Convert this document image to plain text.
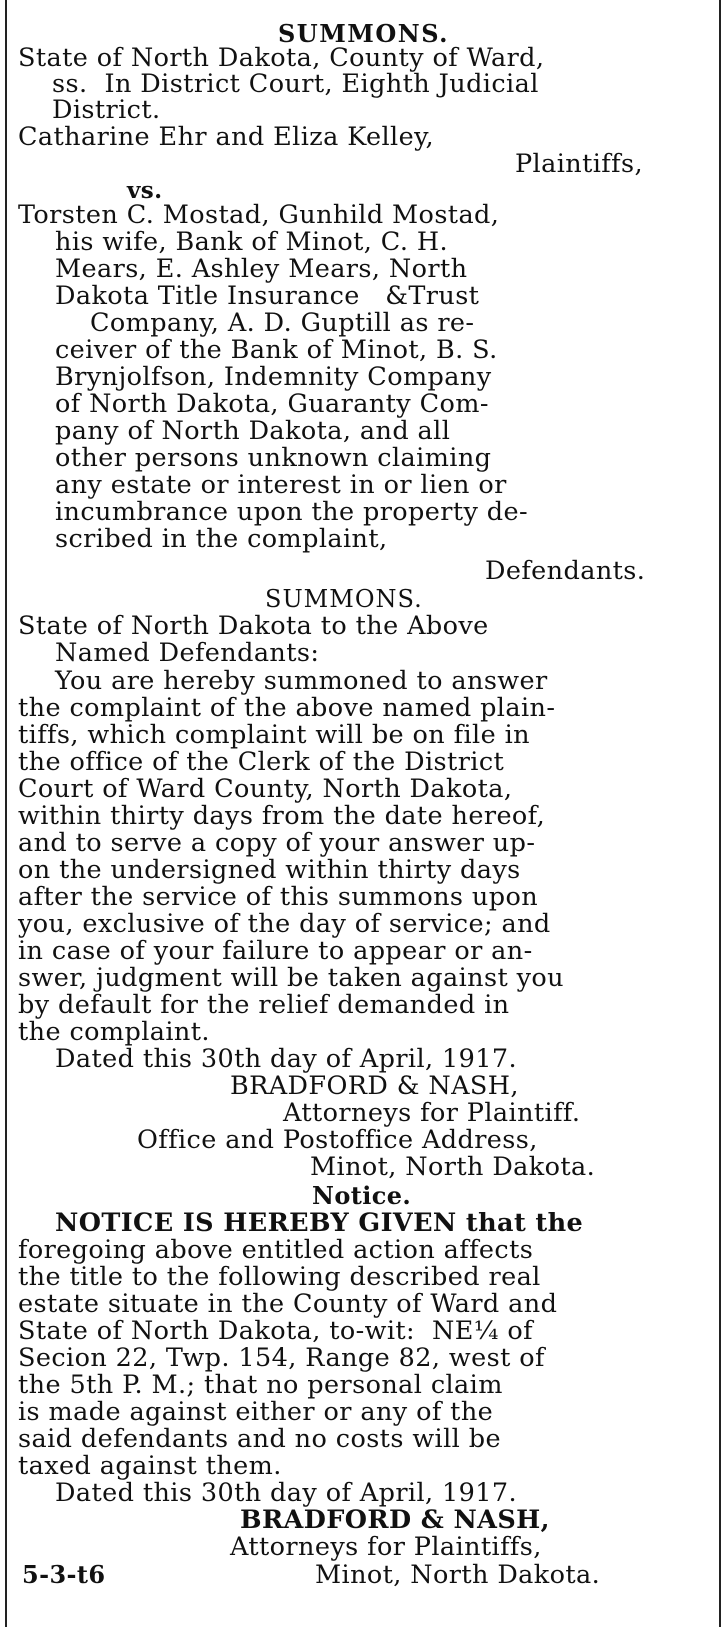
SUMMONS.
State of North Dakota, County of Ward,
ss.  In District Court, Eighth Judicial
District.
Catharine Ehr and Eliza Kelley,
Plaintiffs,
vs.
Torsten C. Mostad, Gunhild Mostad,
his wife, Bank of Minot, C. H.
Mears, E. Ashley Mears, North
Dakota Title Insurance   &Trust
Company, A. D. Guptill as re-
ceiver of the Bank of Minot, B. S.
Brynjolfson, Indemnity Company
of North Dakota, Guaranty Com-
pany of North Dakota, and all
other persons unknown claiming
any estate or interest in or lien or
incumbrance upon the property de-
scribed in the complaint,
Defendants.
SUMMONS.
State of North Dakota to the Above
Named Defendants:
You are hereby summoned to answer
the complaint of the above named plain-
tiffs, which complaint will be on file in
the office of the Clerk of the District
Court of Ward County, North Dakota,
within thirty days from the date hereof,
and to serve a copy of your answer up-
on the undersigned within thirty days
after the service of this summons upon
you, exclusive of the day of service; and
in case of your failure to appear or an-
swer, judgment will be taken against you
by default for the relief demanded in
the complaint.
Dated this 30th day of April, 1917.
BRADFORD & NASH,
Attorneys for Plaintiff.
Office and Postoffice Address,
Minot, North Dakota.
Notice.
NOTICE IS HEREBY GIVEN that the
foregoing above entitled action affects
the title to the following described real
estate situate in the County of Ward and
State of North Dakota, to-wit:  NE¼ of
Secion 22, Twp. 154, Range 82, west of
the 5th P. M.; that no personal claim
is made against either or any of the
said defendants and no costs will be
taxed against them.
Dated this 30th day of April, 1917.
BRADFORD & NASH,
Attorneys for Plaintiffs,
5-3-t6	Minot, North Dakota.
